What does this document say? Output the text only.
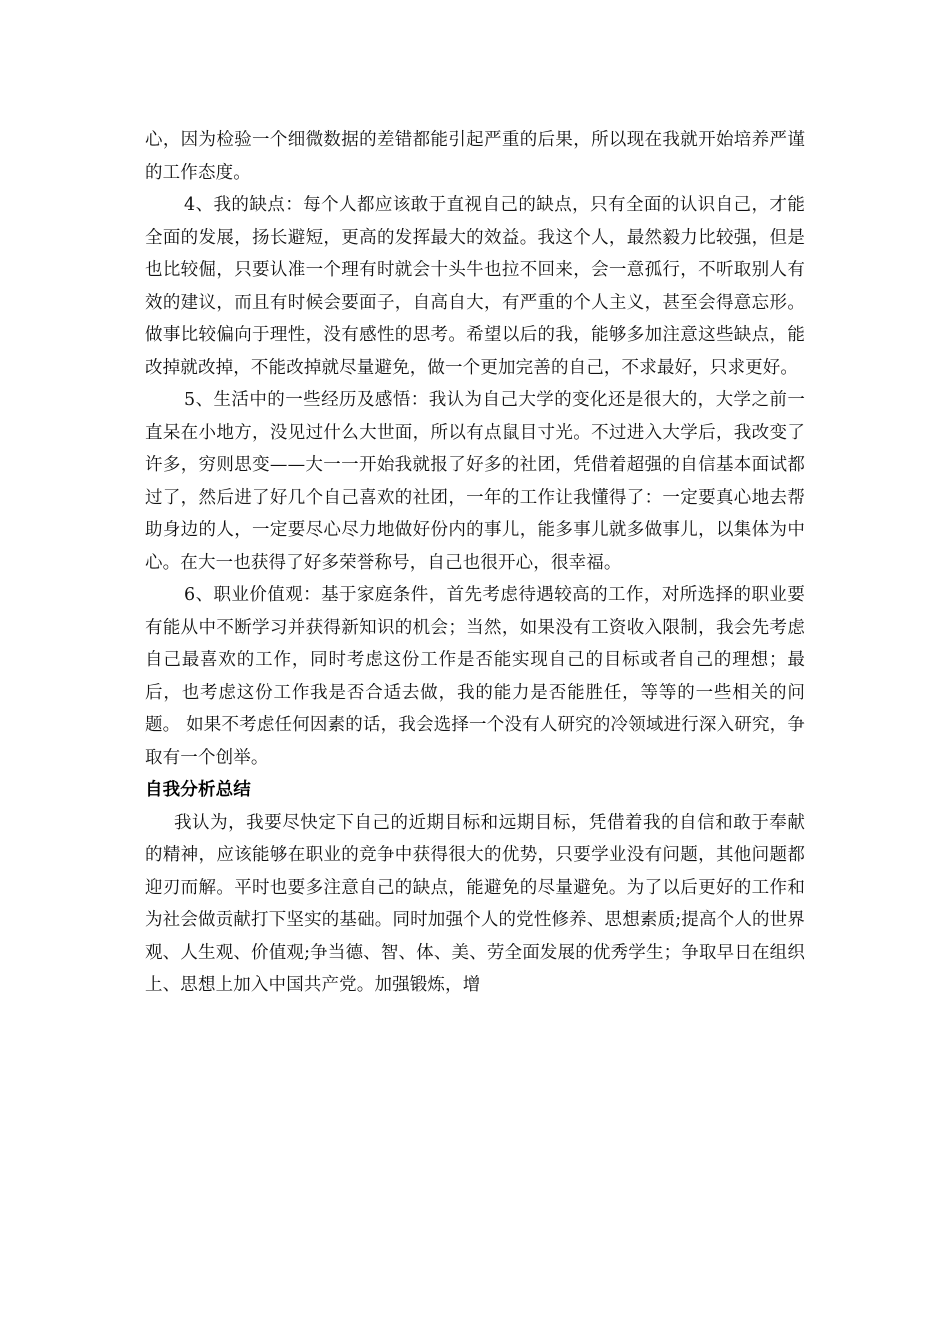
心，因为检验一个细微数据的差错都能引起严重的后果，所以现在我就开始培养严谨的工作态度。

4、我的缺点：每个人都应该敢于直视自己的缺点，只有全面的认识自己，才能全面的发展，扬长避短，更高的发挥最大的效益。我这个人，最然毅力比较强，但是也比较倔，只要认准一个理有时就会十头牛也拉不回来，会一意孤行，不听取别人有效的建议，而且有时候会要面子，自高自大，有严重的个人主义，甚至会得意忘形。做事比较偏向于理性，没有感性的思考。希望以后的我，能够多加注意这些缺点，能改掉就改掉，不能改掉就尽量避免，做一个更加完善的自己，不求最好，只求更好。

5、生活中的一些经历及感悟：我认为自己大学的变化还是很大的，大学之前一直呆在小地方，没见过什么大世面，所以有点鼠目寸光。不过进入大学后，我改变了许多，穷则思变——大一一开始我就报了好多的社团，凭借着超强的自信基本面试都过了，然后进了好几个自己喜欢的社团，一年的工作让我懂得了：一定要真心地去帮助身边的人，一定要尽心尽力地做好份内的事儿，能多事儿就多做事儿，以集体为中心。在大一也获得了好多荣誉称号，自己也很开心，很幸福。

6、职业价值观：基于家庭条件，首先考虑待遇较高的工作，对所选择的职业要有能从中不断学习并获得新知识的机会；当然，如果没有工资收入限制，我会先考虑自己最喜欢的工作，同时考虑这份工作是否能实现自己的目标或者自己的理想；最后，也考虑这份工作我是否合适去做，我的能力是否能胜任，等等的一些相关的问题。 如果不考虑任何因素的话，我会选择一个没有人研究的冷领域进行深入研究，争取有一个创举。

自我分析总结

我认为，我要尽快定下自己的近期目标和远期目标，凭借着我的自信和敢于奉献的精神，应该能够在职业的竞争中获得很大的优势，只要学业没有问题，其他问题都迎刃而解。平时也要多注意自己的缺点，能避免的尽量避免。为了以后更好的工作和为社会做贡献打下坚实的基础。同时加强个人的党性修养、思想素质;提高个人的世界观、人生观、价值观;争当德、智、体、美、劳全面发展的优秀学生；争取早日在组织上、思想上加入中国共产党。加强锻炼，增
